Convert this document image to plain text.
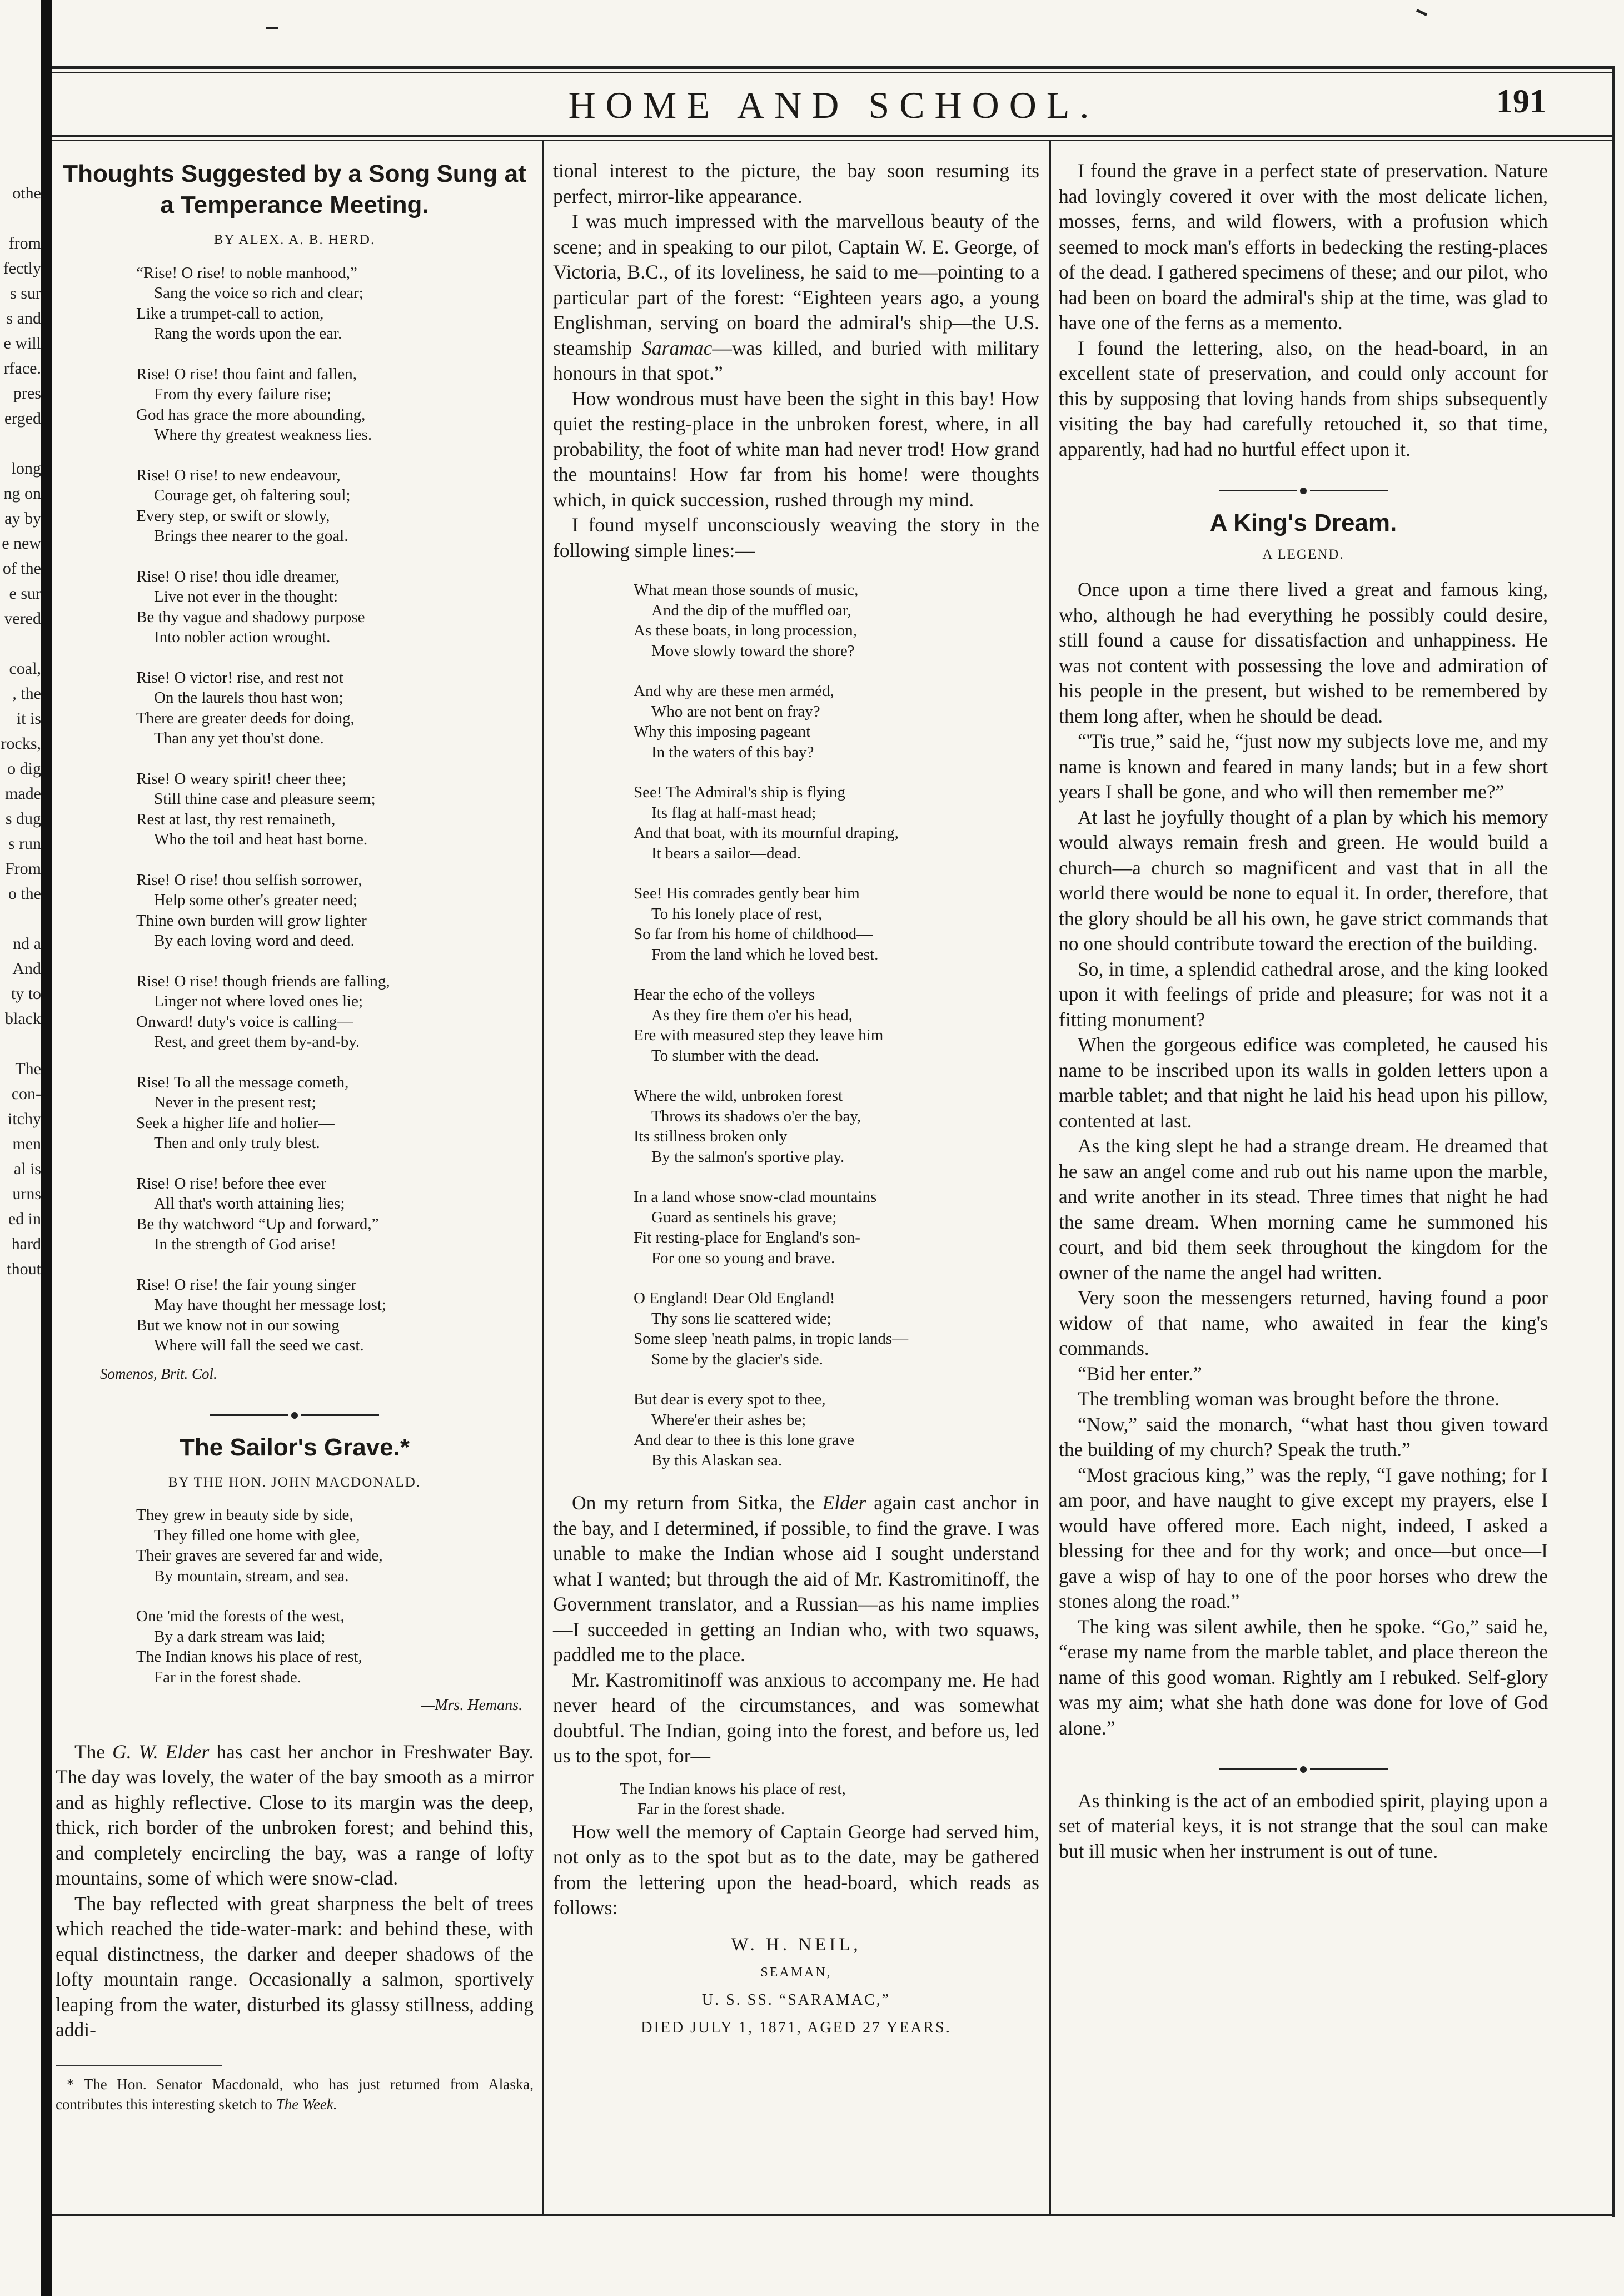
othe
from
fectly
s sur
s and
e will
rface.
pres
erged
long
ng on
ay by
e new
of the
e sur
vered
coal,
, the
it is
rocks,
o dig
made
s dug
s run
From
o the
nd a
And
ty to
black
The
con-
itchy
men
al is
urns
ed in
hard
thout
HOME AND SCHOOL.	191
Thoughts Suggested by a Song Sung at a Temperance Meeting.
BY ALEX. A. B. HERD.
“Rise! O rise! to noble manhood,”
Sang the voice so rich and clear;
Like a trumpet-call to action,
Rang the words upon the ear.
Rise! O rise! thou faint and fallen,
From thy every failure rise;
God has grace the more abounding,
Where thy greatest weakness lies.
Rise! O rise! to new endeavour,
Courage get, oh faltering soul;
Every step, or swift or slowly,
Brings thee nearer to the goal.
Rise! O rise! thou idle dreamer,
Live not ever in the thought:
Be thy vague and shadowy purpose
Into nobler action wrought.
Rise! O victor! rise, and rest not
On the laurels thou hast won;
There are greater deeds for doing,
Than any yet thou'st done.
Rise! O weary spirit! cheer thee;
Still thine case and pleasure seem;
Rest at last, thy rest remaineth,
Who the toil and heat hast borne.
Rise! O rise! thou selfish sorrower,
Help some other's greater need;
Thine own burden will grow lighter
By each loving word and deed.
Rise! O rise! though friends are falling,
Linger not where loved ones lie;
Onward! duty's voice is calling—
Rest, and greet them by-and-by.
Rise! To all the message cometh,
Never in the present rest;
Seek a higher life and holier—
Then and only truly blest.
Rise! O rise! before thee ever
All that's worth attaining lies;
Be thy watchword “Up and forward,”
In the strength of God arise!
Rise! O rise! the fair young singer
May have thought her message lost;
But we know not in our sowing
Where will fall the seed we cast.
Somenos, Brit. Col.
The Sailor's Grave.*
BY THE HON. JOHN MACDONALD.
They grew in beauty side by side,
They filled one home with glee,
Their graves are severed far and wide,
By mountain, stream, and sea.
One 'mid the forests of the west,
By a dark stream was laid;
The Indian knows his place of rest,
Far in the forest shade.
—Mrs. Hemans.

The G. W. Elder has cast her anchor in Freshwater Bay. The day was lovely, the water of the bay smooth as a mirror and as highly reflective. Close to its margin was the deep, thick, rich border of the unbroken forest; and behind this, and completely encircling the bay, was a range of lofty mountains, some of which were snow-clad.

The bay reflected with great sharpness the belt of trees which reached the tide-water-mark: and behind these, with equal distinctness, the darker and deeper shadows of the lofty mountain range. Occasionally a salmon, sportively leaping from the water, disturbed its glassy stillness, adding addi-

* The Hon. Senator Macdonald, who has just returned from Alaska, contributes this interesting sketch to The Week.

tional interest to the picture, the bay soon resuming its perfect, mirror-like appearance.

I was much impressed with the marvellous beauty of the scene; and in speaking to our pilot, Captain W. E. George, of Victoria, B.C., of its loveliness, he said to me—pointing to a particular part of the forest: “Eighteen years ago, a young Englishman, serving on board the admiral's ship—the U.S. steamship Saramac—was killed, and buried with military honours in that spot.”

How wondrous must have been the sight in this bay! How quiet the resting-place in the unbroken forest, where, in all probability, the foot of white man had never trod! How grand the mountains! How far from his home! were thoughts which, in quick succession, rushed through my mind.

I found myself unconsciously weaving the story in the following simple lines:—

What mean those sounds of music,
And the dip of the muffled oar,
As these boats, in long procession,
Move slowly toward the shore?
And why are these men arméd,
Who are not bent on fray?
Why this imposing pageant
In the waters of this bay?
See! The Admiral's ship is flying
Its flag at half-mast head;
And that boat, with its mournful draping,
It bears a sailor—dead.
See! His comrades gently bear him
To his lonely place of rest,
So far from his home of childhood—
From the land which he loved best.
Hear the echo of the volleys
As they fire them o'er his head,
Ere with measured step they leave him
To slumber with the dead.
Where the wild, unbroken forest
Throws its shadows o'er the bay,
Its stillness broken only
By the salmon's sportive play.
In a land whose snow-clad mountains
Guard as sentinels his grave;
Fit resting-place for England's son-
For one so young and brave.
O England! Dear Old England!
Thy sons lie scattered wide;
Some sleep 'neath palms, in tropic lands—
Some by the glacier's side.
But dear is every spot to thee,
Where'er their ashes be;
And dear to thee is this lone grave
By this Alaskan sea.

On my return from Sitka, the Elder again cast anchor in the bay, and I determined, if possible, to find the grave. I was unable to make the Indian whose aid I sought understand what I wanted; but through the aid of Mr. Kastromitinoff, the Government translator, and a Russian—as his name implies—I succeeded in getting an Indian who, with two squaws, paddled me to the place.

Mr. Kastromitinoff was anxious to accompany me. He had never heard of the circumstances, and was somewhat doubtful. The Indian, going into the forest, and before us, led us to the spot, for—

The Indian knows his place of rest,
Far in the forest shade.

How well the memory of Captain George had served him, not only as to the spot but as to the date, may be gathered from the lettering upon the head-board, which reads as follows:

W. H. NEIL,
SEAMAN,
U. S. SS. “SARAMAC,”
DIED JULY 1, 1871, AGED 27 YEARS.

I found the grave in a perfect state of preservation. Nature had lovingly covered it over with the most delicate lichen, mosses, ferns, and wild flowers, with a profusion which seemed to mock man's efforts in bedecking the resting-places of the dead. I gathered specimens of these; and our pilot, who had been on board the admiral's ship at the time, was glad to have one of the ferns as a memento.

I found the lettering, also, on the head-board, in an excellent state of preservation, and could only account for this by supposing that loving hands from ships subsequently visiting the bay had carefully retouched it, so that time, apparently, had had no hurtful effect upon it.

A King's Dream.
A LEGEND.

Once upon a time there lived a great and famous king, who, although he had everything he possibly could desire, still found a cause for dissatisfaction and unhappiness. He was not content with possessing the love and admiration of his people in the present, but wished to be remembered by them long after, when he should be dead.

“'Tis true,” said he, “just now my subjects love me, and my name is known and feared in many lands; but in a few short years I shall be gone, and who will then remember me?”

At last he joyfully thought of a plan by which his memory would always remain fresh and green. He would build a church—a church so magnificent and vast that in all the world there would be none to equal it. In order, therefore, that the glory should be all his own, he gave strict commands that no one should contribute toward the erection of the building.

So, in time, a splendid cathedral arose, and the king looked upon it with feelings of pride and pleasure; for was not it a fitting monument?

When the gorgeous edifice was completed, he caused his name to be inscribed upon its walls in golden letters upon a marble tablet; and that night he laid his head upon his pillow, contented at last.

As the king slept he had a strange dream. He dreamed that he saw an angel come and rub out his name upon the marble, and write another in its stead. Three times that night he had the same dream. When morning came he summoned his court, and bid them seek throughout the kingdom for the owner of the name the angel had written.

Very soon the messengers returned, having found a poor widow of that name, who awaited in fear the king's commands.

“Bid her enter.”

The trembling woman was brought before the throne.

“Now,” said the monarch, “what hast thou given toward the building of my church? Speak the truth.”

“Most gracious king,” was the reply, “I gave nothing; for I am poor, and have naught to give except my prayers, else I would have offered more. Each night, indeed, I asked a blessing for thee and for thy work; and once—but once—I gave a wisp of hay to one of the poor horses who drew the stones along the road.”

The king was silent awhile, then he spoke. “Go,” said he, “erase my name from the marble tablet, and place thereon the name of this good woman. Rightly am I rebuked. Self-glory was my aim; what she hath done was done for love of God alone.”

As thinking is the act of an embodied spirit, playing upon a set of material keys, it is not strange that the soul can make but ill music when her instrument is out of tune.
